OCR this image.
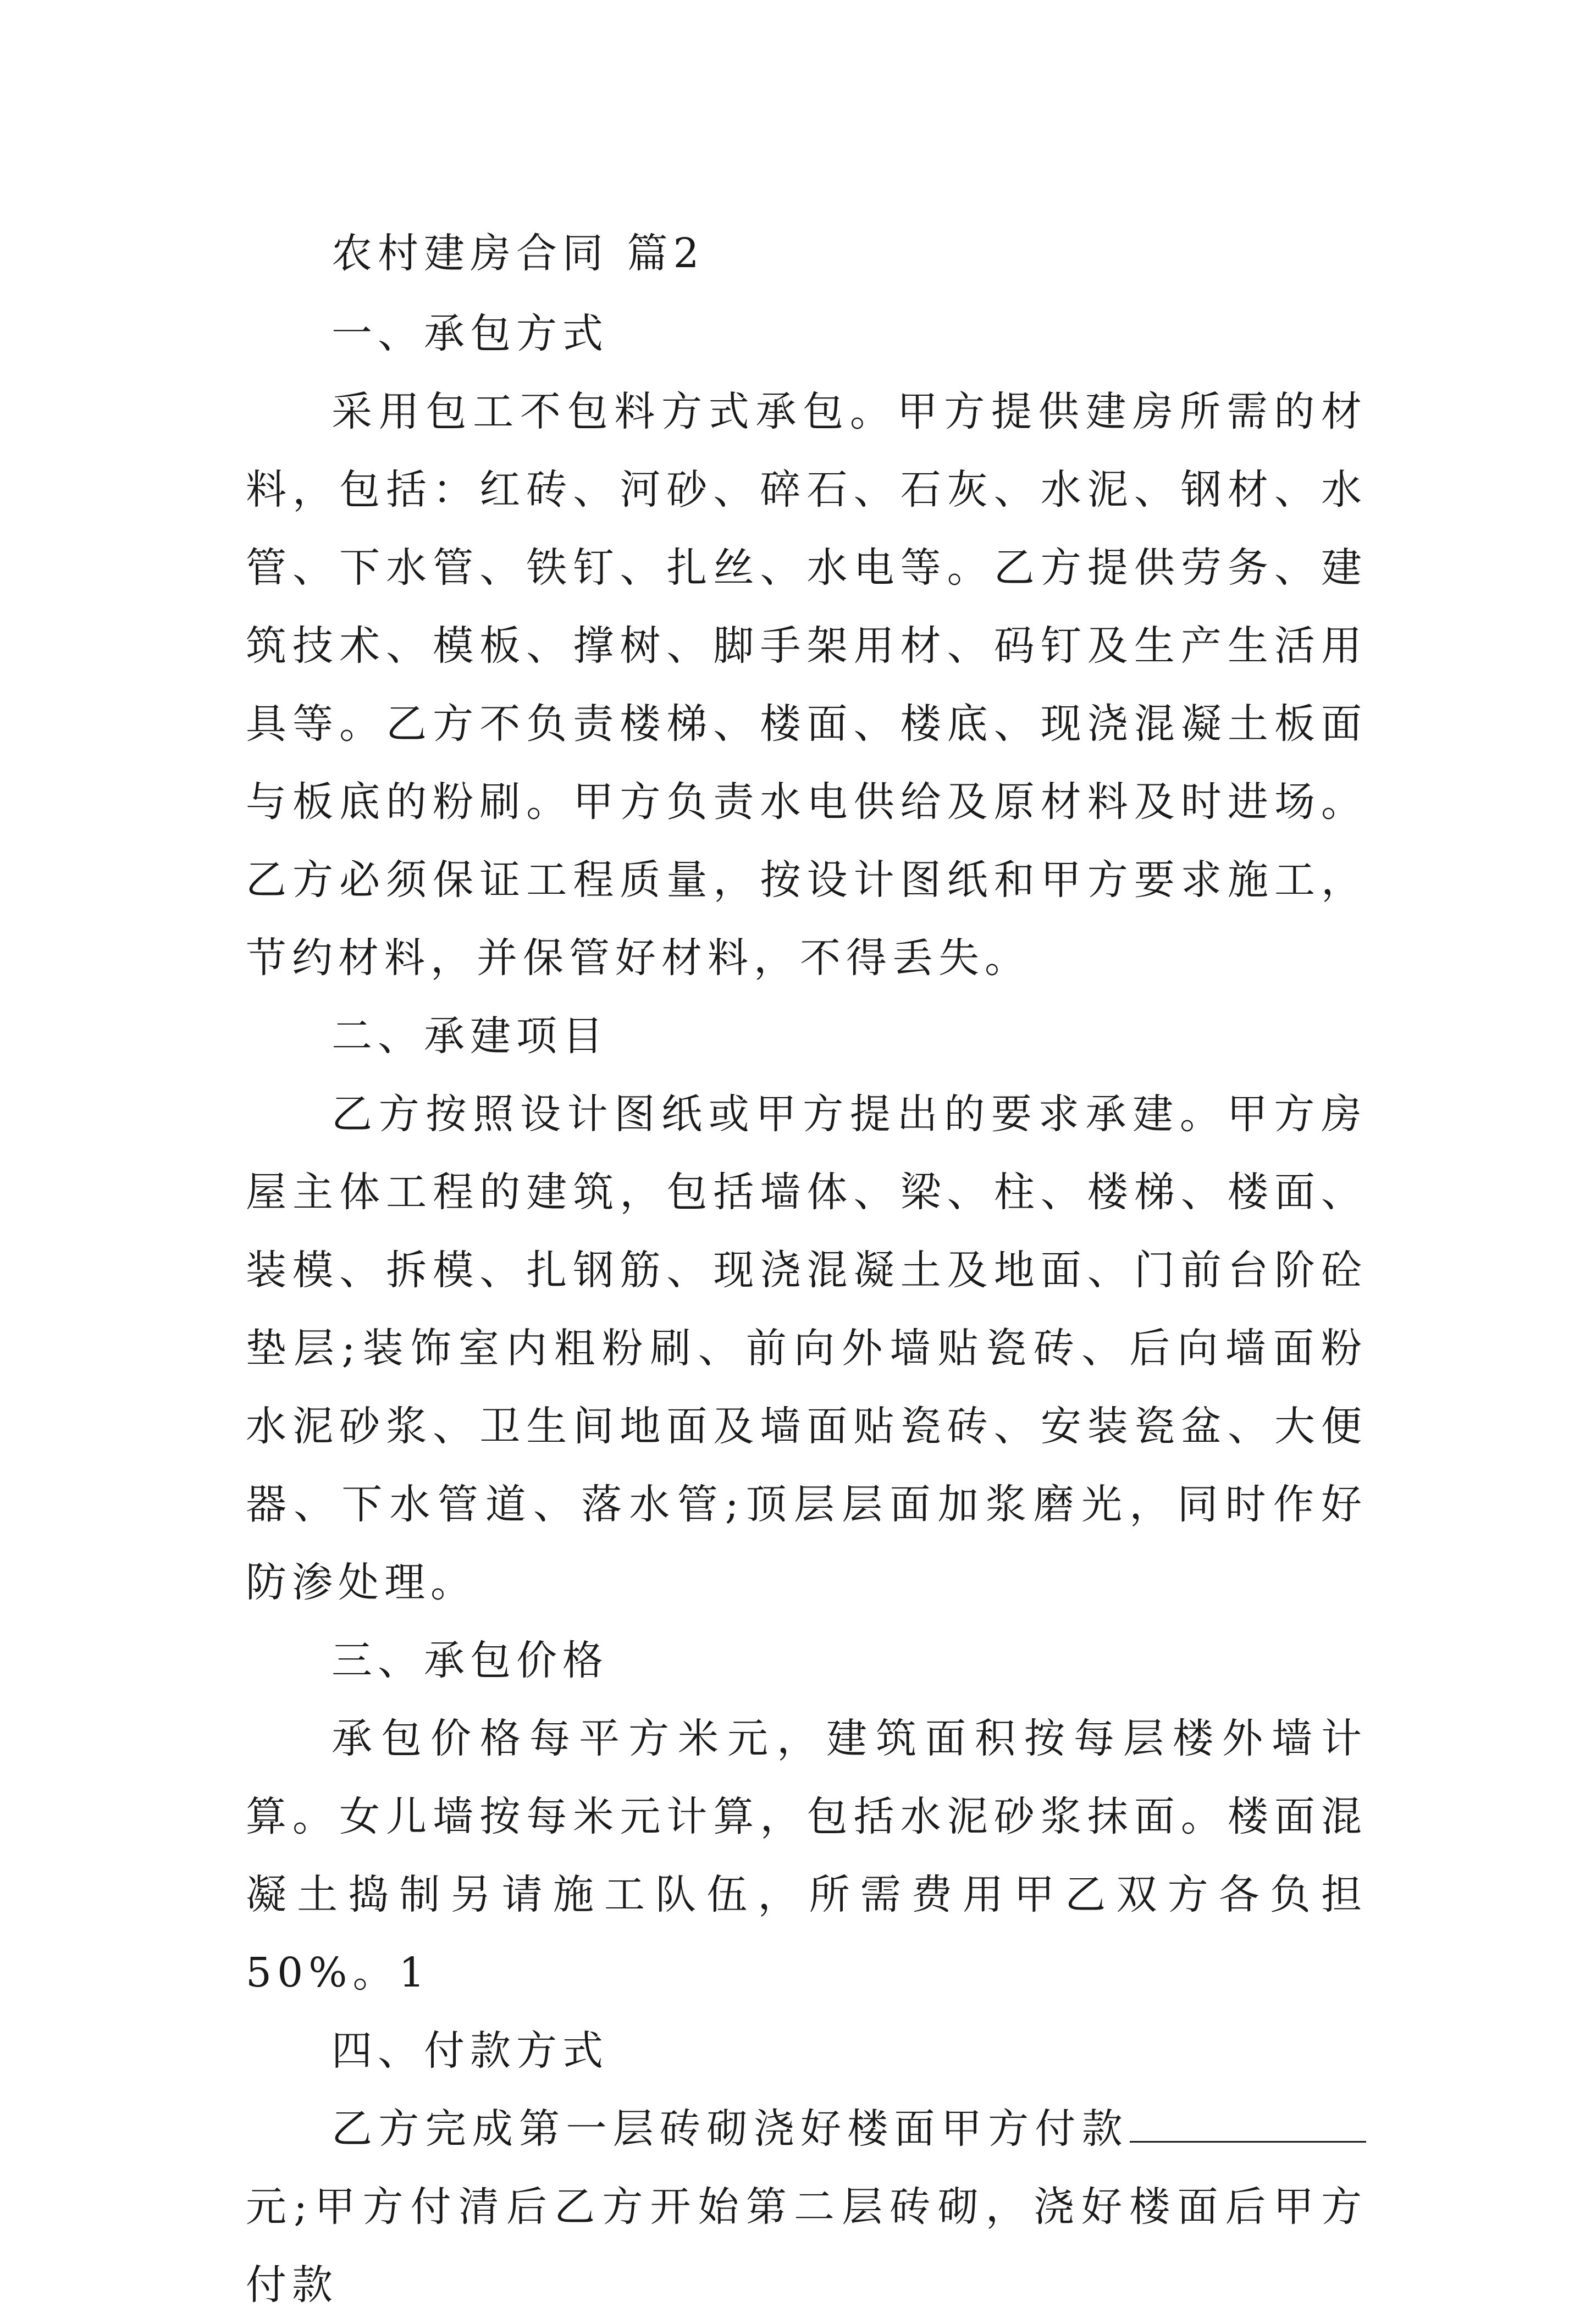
农村建房合同 篇2

一、承包方式

采用包工不包料方式承包。甲方提供建房所需的材料，包括：红砖、河砂、碎石、石灰、水泥、钢材、水管、下水管、铁钉、扎丝、水电等。乙方提供劳务、建筑技术、模板、撑树、脚手架用材、码钉及生产生活用具等。乙方不负责楼梯、楼面、楼底、现浇混凝土板面与板底的粉刷。甲方负责水电供给及原材料及时进场。乙方必须保证工程质量，按设计图纸和甲方要求施工，节约材料，并保管好材料，不得丢失。

二、承建项目

乙方按照设计图纸或甲方提出的要求承建。甲方房屋主体工程的建筑，包括墙体、梁、柱、楼梯、楼面、装模、拆模、扎钢筋、现浇混凝土及地面、门前台阶砼垫层;装饰室内粗粉刷、前向外墙贴瓷砖、后向墙面粉水泥砂浆、卫生间地面及墙面贴瓷砖、安装瓷盆、大便器、下水管道、落水管;顶层层面加浆磨光，同时作好防渗处理。

三、承包价格

承包价格每平方米元，建筑面积按每层楼外墙计算。女儿墙按每米元计算，包括水泥砂浆抹面。楼面混凝土捣制另请施工队伍，所需费用甲乙双方各负担50%。1

四、付款方式

乙方完成第一层砖砌浇好楼面甲方付款元;甲方付清后乙方开始第二层砖砌，浇好楼面后甲方付款
